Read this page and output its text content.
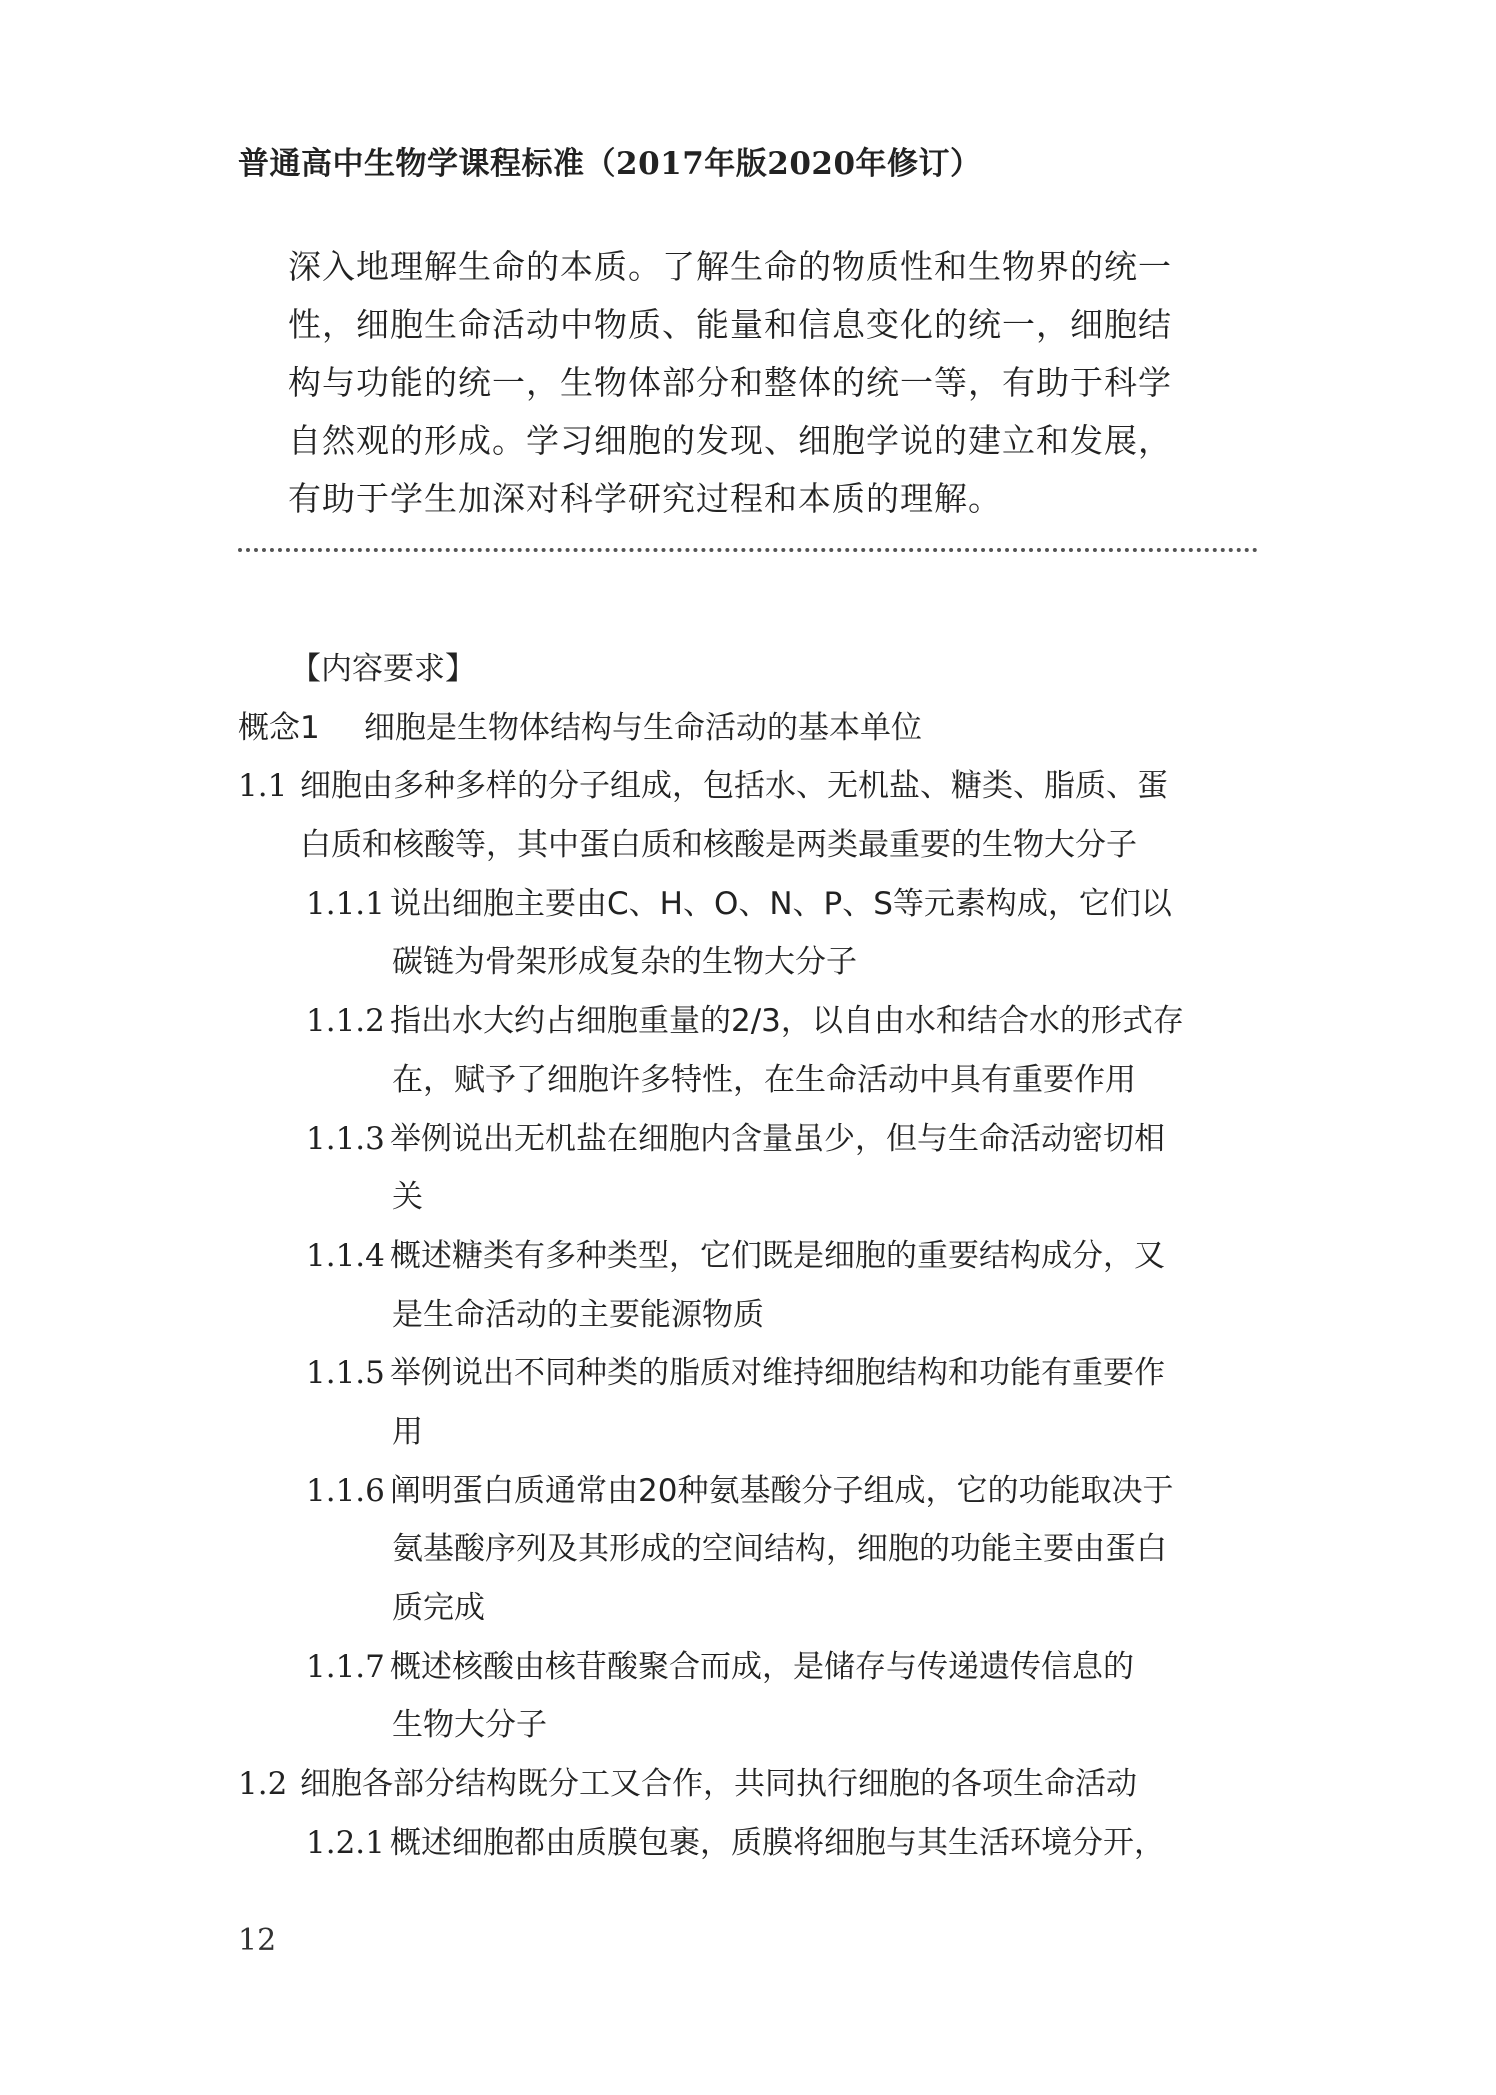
普通高中生物学课程标准（2017年版2020年修订）
深入地理解生命的本质。了解生命的物质性和生物界的统一
性，细胞生命活动中物质、能量和信息变化的统一，细胞结
构与功能的统一，生物体部分和整体的统一等，有助于科学
自然观的形成。学习细胞的发现、细胞学说的建立和发展，
有助于学生加深对科学研究过程和本质的理解。
【内容要求】
概念1 细胞是生物体结构与生命活动的基本单位
1.1 细胞由多种多样的分子组成，包括水、无机盐、糖类、脂质、蛋
白质和核酸等，其中蛋白质和核酸是两类最重要的生物大分子
1.1.1 说出细胞主要由C、H、O、N、P、S等元素构成，它们以
碳链为骨架形成复杂的生物大分子
1.1.2 指出水大约占细胞重量的2/3，以自由水和结合水的形式存
在，赋予了细胞许多特性，在生命活动中具有重要作用
1.1.3 举例说出无机盐在细胞内含量虽少，但与生命活动密切相
关
1.1.4 概述糖类有多种类型，它们既是细胞的重要结构成分，又
是生命活动的主要能源物质
1.1.5 举例说出不同种类的脂质对维持细胞结构和功能有重要作
用
1.1.6 阐明蛋白质通常由20种氨基酸分子组成，它的功能取决于
氨基酸序列及其形成的空间结构，细胞的功能主要由蛋白
质完成
1.1.7 概述核酸由核苷酸聚合而成，是储存与传递遗传信息的
生物大分子
1.2 细胞各部分结构既分工又合作，共同执行细胞的各项生命活动
1.2.1 概述细胞都由质膜包裹，质膜将细胞与其生活环境分开，
12
